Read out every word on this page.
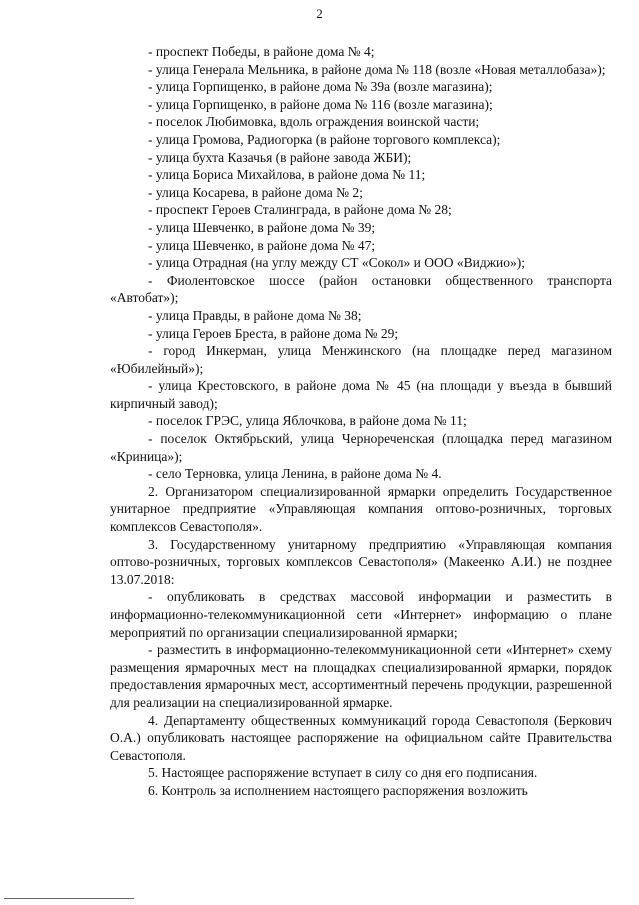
2

- проспект Победы, в районе дома № 4;

- улица Генерала Мельника, в районе дома № 118 (возле «Новая металлобаза»);

- улица Горпищенко, в районе дома № 39а (возле магазина);

- улица Горпищенко, в районе дома № 116 (возле магазина);

- поселок Любимовка, вдоль ограждения воинской части;

- улица Громова, Радиогорка (в районе торгового комплекса);

- улица бухта Казачья (в районе завода ЖБИ);

- улица Бориса Михайлова, в районе дома № 11;

- улица Косарева, в районе дома № 2;

- проспект Героев Сталинграда, в районе дома № 28;

- улица Шевченко, в районе дома № 39;

- улица Шевченко, в районе дома № 47;

- улица Отрадная (на углу между СТ «Сокол» и ООО «Виджио»);

- Фиолентовское шоссе (район остановки общественного транспорта «Автобат»);

- улица Правды, в районе дома № 38;

- улица Героев Бреста, в районе дома № 29;

- город Инкерман, улица Менжинского (на площадке перед магазином «Юбилейный»);

- улица Крестовского, в районе дома № 45 (на площади у въезда в бывший кирпичный завод);

- поселок ГРЭС, улица Яблочкова, в районе дома № 11;

- поселок Октябрьский, улица Чернореченская (площадка перед магазином «Криница»);

- село Терновка, улица Ленина, в районе дома № 4.

2. Организатором специализированной ярмарки определить Государственное унитарное предприятие «Управляющая компания оптово-розничных, торговых комплексов Севастополя».

3. Государственному унитарному предприятию «Управляющая компания оптово-розничных, торговых комплексов Севастополя» (Макеенко А.И.) не позднее 13.07.2018:

- опубликовать в средствах массовой информации и разместить в информационно-телекоммуникационной сети «Интернет» информацию о плане мероприятий по организации специализированной ярмарки;

- разместить в информационно-телекоммуникационной сети «Интернет» схему размещения ярмарочных мест на площадках специализированной ярмарки, порядок предоставления ярмарочных мест, ассортиментный перечень продукции, разрешенной для реализации на специализированной ярмарке.

4. Департаменту общественных коммуникаций города Севастополя (Беркович О.А.) опубликовать настоящее распоряжение на официальном сайте Правительства Севастополя.

5. Настоящее распоряжение вступает в силу со дня его подписания.

6. Контроль за исполнением настоящего распоряжения возложить
